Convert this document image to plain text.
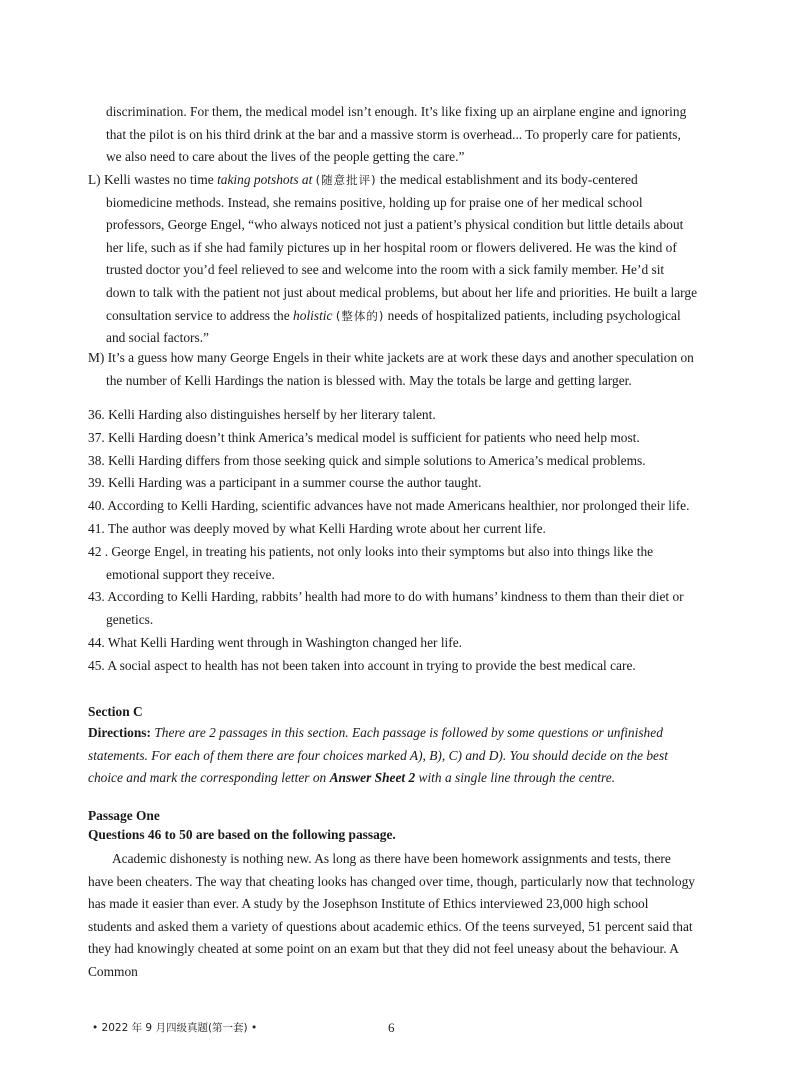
discrimination. For them, the medical model isn’t enough. It’s like fixing up an airplane engine and ignoring
that the pilot is on his third drink at the bar and a massive storm is overhead... To properly care for patients,
we also need to care about the lives of the people getting the care.”
L) Kelli wastes no time taking potshots at (随意批评) the medical establishment and its body-centered
biomedicine methods. Instead, she remains positive, holding up for praise one of her medical school
professors, George Engel, “who always noticed not just a patient’s physical condition but little details about
her life, such as if she had family pictures up in her hospital room or flowers delivered. He was the kind of
trusted doctor you’d feel relieved to see and welcome into the room with a sick family member. He’d sit
down to talk with the patient not just about medical problems, but about her life and priorities. He built a large
consultation service to address the holistic (整体的) needs of hospitalized patients, including psychological
and social factors.”
M) It’s a guess how many George Engels in their white jackets are at work these days and another speculation on
the number of Kelli Hardings the nation is blessed with. May the totals be large and getting larger.
36. Kelli Harding also distinguishes herself by her literary talent.
37. Kelli Harding doesn’t think America’s medical model is sufficient for patients who need help most.
38. Kelli Harding differs from those seeking quick and simple solutions to America’s medical problems.
39. Kelli Harding was a participant in a summer course the author taught.
40. According to Kelli Harding, scientific advances have not made Americans healthier, nor prolonged their life.
41. The author was deeply moved by what Kelli Harding wrote about her current life.
42 . George Engel, in treating his patients, not only looks into their symptoms but also into things like the
emotional support they receive.
43. According to Kelli Harding, rabbits’ health had more to do with humans’ kindness to them than their diet or
genetics.
44. What Kelli Harding went through in Washington changed her life.
45. A social aspect to health has not been taken into account in trying to provide the best medical care.
Section C
Directions: There are 2 passages in this section. Each passage is followed by some questions or unfinished
statements. For each of them there are four choices marked A), B), C) and D). You should decide on the best
choice and mark the corresponding letter on Answer Sheet 2 with a single line through the centre.
Passage One
Questions 46 to 50 are based on the following passage.
Academic dishonesty is nothing new. As long as there have been homework assignments and tests, there
have been cheaters. The way that cheating looks has changed over time, though, particularly now that technology
has made it easier than ever. A study by the Josephson Institute of Ethics interviewed 23,000 high school
students and asked them a variety of questions about academic ethics. Of the teens surveyed, 51 percent said that
they had knowingly cheated at some point on an exam but that they did not feel uneasy about the behaviour. A
Common
• 2022 年 9 月四级真题(第一套) •	6
